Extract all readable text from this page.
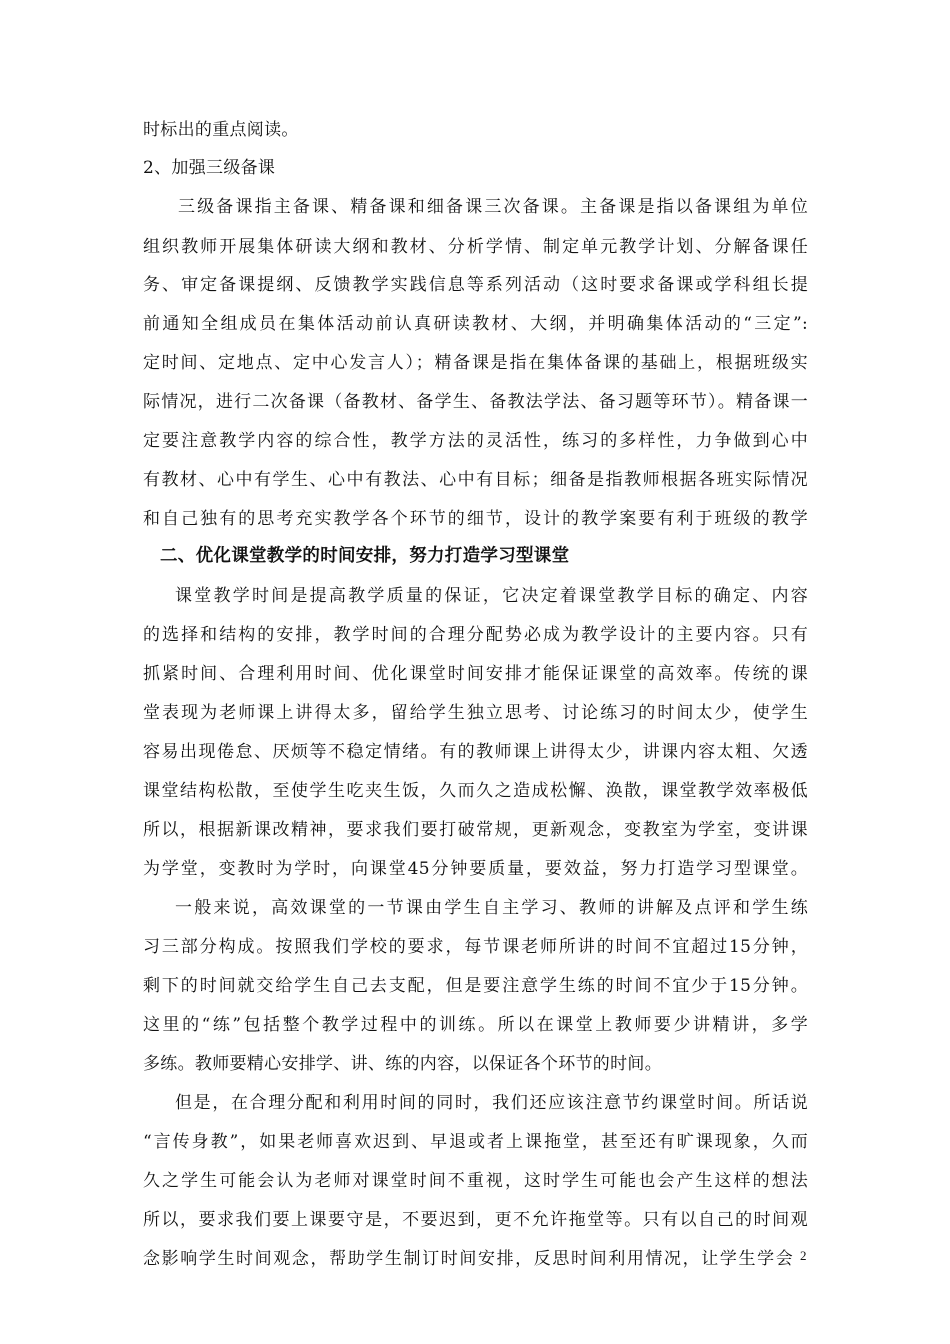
时标出的重点阅读。
2、加强三级备课
三级备课指主备课、精备课和细备课三次备课。主备课是指以备课组为单位
组织教师开展集体研读大纲和教材、分析学情、制定单元教学计划、分解备课任
务、审定备课提纲、反馈教学实践信息等系列活动（这时要求备课或学科组长提
前通知全组成员在集体活动前认真研读教材、大纲，并明确集体活动的“三定”:
定时间、定地点、定中心发言人）；精备课是指在集体备课的基础上，根据班级实
际情况，进行二次备课（备教材、备学生、备教法学法、备习题等环节）。精备课一
定要注意教学内容的综合性，教学方法的灵活性，练习的多样性，力争做到心中
有教材、心中有学生、心中有教法、心中有目标；细备是指教师根据各班实际情况
和自己独有的思考充实教学各个环节的细节，设计的教学案要有利于班级的教学
二、优化课堂教学的时间安排，努力打造学习型课堂
课堂教学时间是提高教学质量的保证，它决定着课堂教学目标的确定、内容
的选择和结构的安排，教学时间的合理分配势必成为教学设计的主要内容。只有
抓紧时间、合理利用时间、优化课堂时间安排才能保证课堂的高效率。传统的课
堂表现为老师课上讲得太多，留给学生独立思考、讨论练习的时间太少，使学生
容易出现倦怠、厌烦等不稳定情绪。有的教师课上讲得太少，讲课内容太粗、欠透
课堂结构松散，至使学生吃夹生饭，久而久之造成松懈、涣散，课堂教学效率极低
所以，根据新课改精神，要求我们要打破常规，更新观念，变教室为学室，变讲课
为学堂，变教时为学时，向课堂45分钟要质量，要效益，努力打造学习型课堂。
一般来说，高效课堂的一节课由学生自主学习、教师的讲解及点评和学生练
习三部分构成。按照我们学校的要求，每节课老师所讲的时间不宜超过15分钟，
剩下的时间就交给学生自己去支配，但是要注意学生练的时间不宜少于15分钟。
这里的“练”包括整个教学过程中的训练。所以在课堂上教师要少讲精讲，多学
多练。教师要精心安排学、讲、练的内容，以保证各个环节的时间。
但是，在合理分配和利用时间的同时，我们还应该注意节约课堂时间。所话说
“言传身教”，如果老师喜欢迟到、早退或者上课拖堂，甚至还有旷课现象，久而
久之学生可能会认为老师对课堂时间不重视，这时学生可能也会产生这样的想法
所以，要求我们要上课要守是，不要迟到，更不允许拖堂等。只有以自己的时间观
念影响学生时间观念，帮助学生制订时间安排，反思时间利用情况，让学生学会 2
